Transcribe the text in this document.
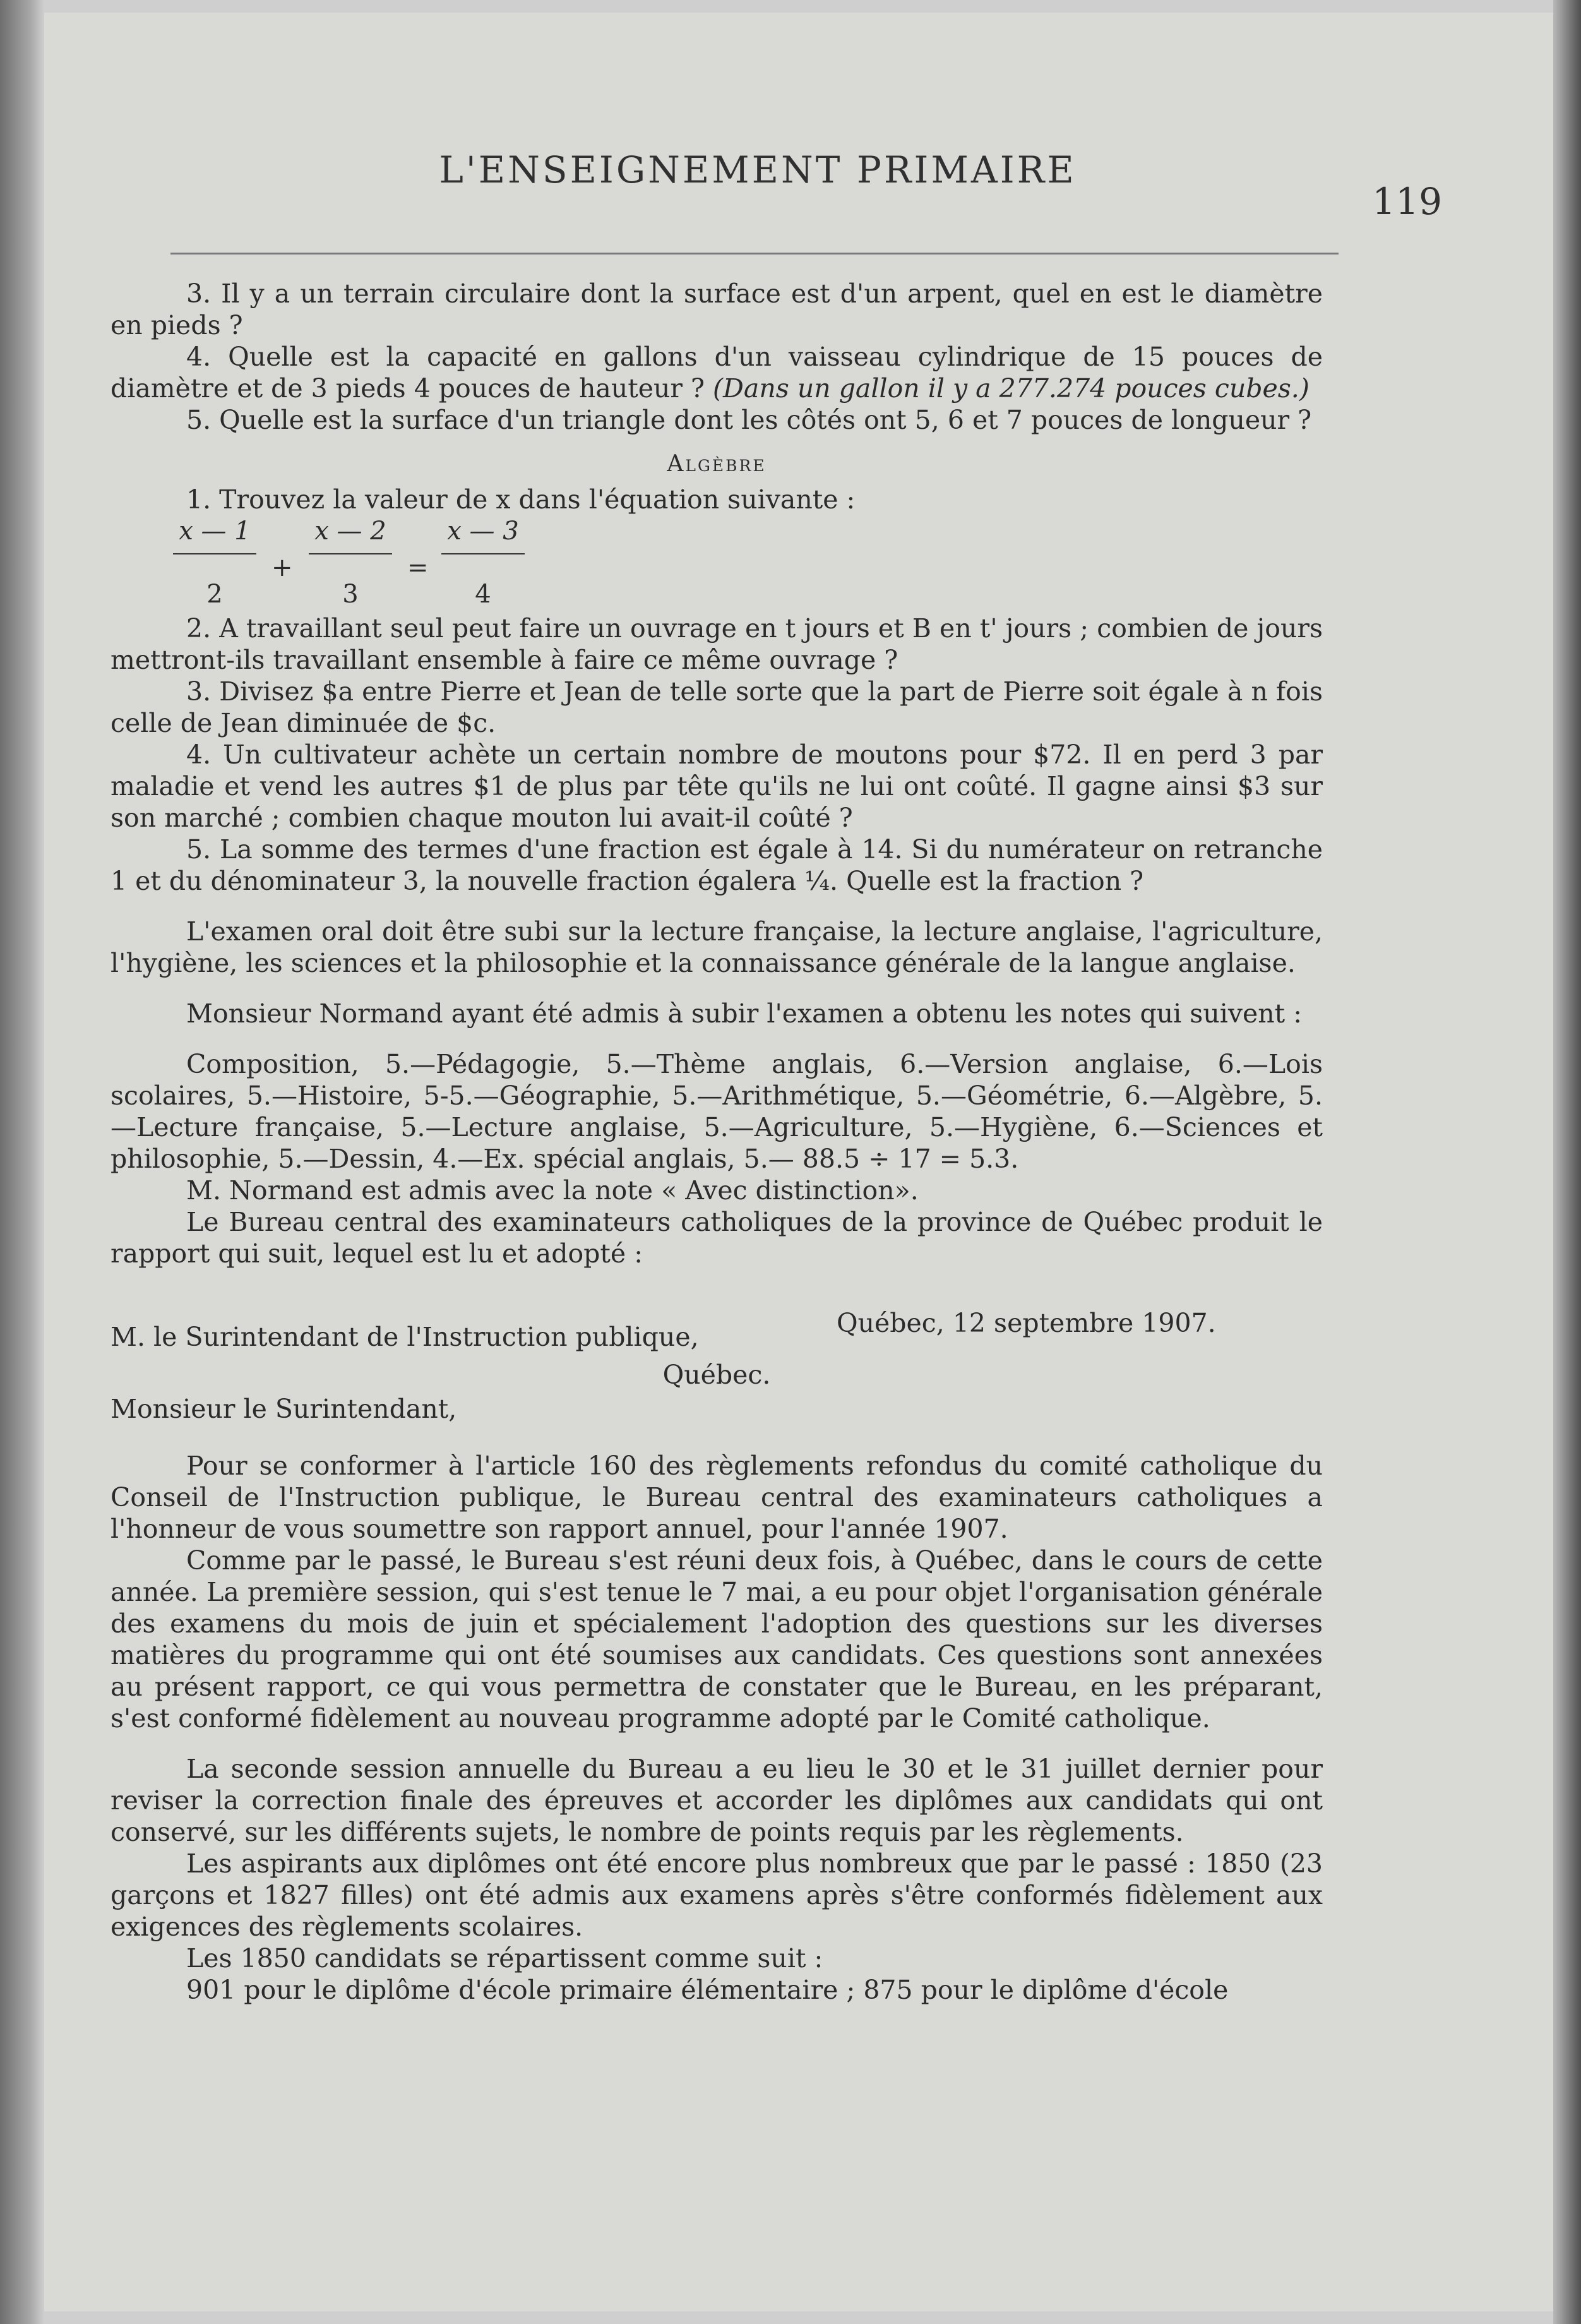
L'ENSEIGNEMENT PRIMAIRE
119

3. Il y a un terrain circulaire dont la surface est d'un arpent, quel en est le diamètre en pieds ?

4. Quelle est la capacité en gallons d'un vaisseau cylindrique de 15 pouces de diamètre et de 3 pieds 4 pouces de hauteur ? (Dans un gallon il y a 277.274 pouces cubes.)

5. Quelle est la surface d'un triangle dont les côtés ont 5, 6 et 7 pouces de longueur ?

Algèbre

1. Trouvez la valeur de x dans l'équation suivante :

x — 1
2
+
x — 2
3
=
x — 3
4

2. A travaillant seul peut faire un ouvrage en t jours et B en t' jours ; combien de jours mettront-ils travaillant ensemble à faire ce même ouvrage ?

3. Divisez $a entre Pierre et Jean de telle sorte que la part de Pierre soit égale à n fois celle de Jean diminuée de $c.

4. Un cultivateur achète un certain nombre de moutons pour $72. Il en perd 3 par maladie et vend les autres $1 de plus par tête qu'ils ne lui ont coûté. Il gagne ainsi $3 sur son marché ; combien chaque mouton lui avait-il coûté ?

5. La somme des termes d'une fraction est égale à 14. Si du numérateur on retranche 1 et du dénominateur 3, la nouvelle fraction égalera ¼. Quelle est la fraction ?

L'examen oral doit être subi sur la lecture française, la lecture anglaise, l'agriculture, l'hygiène, les sciences et la philosophie et la connaissance générale de la langue anglaise.

Monsieur Normand ayant été admis à subir l'examen a obtenu les notes qui suivent :

Composition, 5.—Pédagogie, 5.—Thème anglais, 6.—Version anglaise, 6.—Lois scolaires, 5.—Histoire, 5-5.—Géographie, 5.—Arithmétique, 5.—Géométrie, 6.—Algèbre, 5.—Lecture française, 5.—Lecture anglaise, 5.—Agriculture, 5.—Hygiène, 6.—Sciences et philosophie, 5.—Dessin, 4.—Ex. spécial anglais, 5.— 88.5 ÷ 17 = 5.3.

M. Normand est admis avec la note « Avec distinction».

Le Bureau central des examinateurs catholiques de la province de Québec produit le rapport qui suit, lequel est lu et adopté :

M. le Surintendant de l'Instruction publique,	Québec, 12 septembre 1907.
Québec.
Monsieur le Surintendant,

Pour se conformer à l'article 160 des règlements refondus du comité catholique du Conseil de l'Instruction publique, le Bureau central des examinateurs catholiques a l'honneur de vous soumettre son rapport annuel, pour l'année 1907.

Comme par le passé, le Bureau s'est réuni deux fois, à Québec, dans le cours de cette année. La première session, qui s'est tenue le 7 mai, a eu pour objet l'organisation générale des examens du mois de juin et spécialement l'adoption des questions sur les diverses matières du programme qui ont été soumises aux candidats. Ces questions sont annexées au présent rapport, ce qui vous permettra de constater que le Bureau, en les préparant, s'est conformé fidèlement au nouveau programme adopté par le Comité catholique.

La seconde session annuelle du Bureau a eu lieu le 30 et le 31 juillet dernier pour reviser la correction finale des épreuves et accorder les diplômes aux candidats qui ont conservé, sur les différents sujets, le nombre de points requis par les règlements.

Les aspirants aux diplômes ont été encore plus nombreux que par le passé : 1850 (23 garçons et 1827 filles) ont été admis aux examens après s'être conformés fidèlement aux exigences des règlements scolaires.

Les 1850 candidats se répartissent comme suit :

901 pour le diplôme d'école primaire élémentaire ; 875 pour le diplôme d'école
